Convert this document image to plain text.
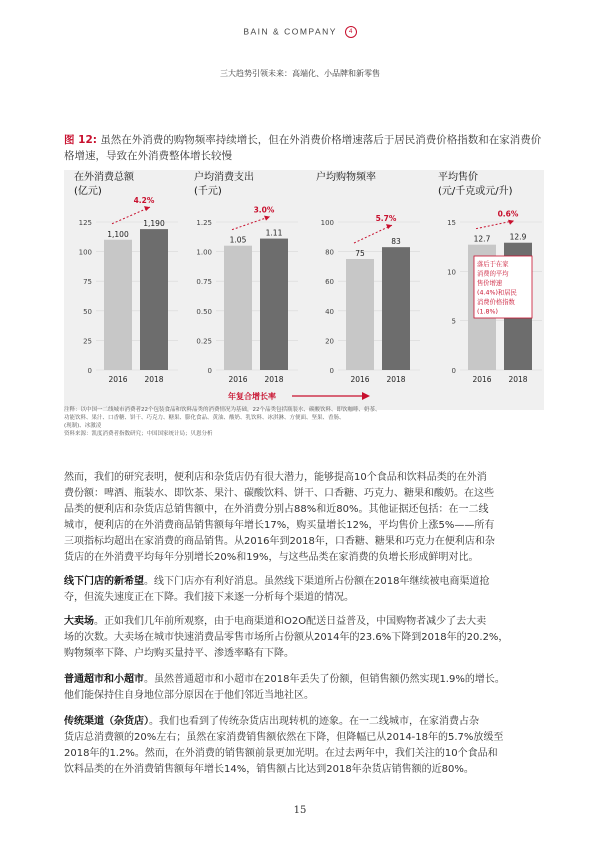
BAIN & COMPANY 4
三大趋势引领未来：高端化、小品牌和新零售
图 12: 虽然在外消费的购物频率持续增长，但在外消费价格增速落后于居民消费价格指数和在家消费价格增速，导致在外消费整体增长较慢
在外消费总额
(亿元)
125
100
75
50
25
0
1,100
2016
1,190
2018
4.2%
户均消费支出
(千元)
1.25
1.00
0.75
0.50
0.25
0
1.05
2016
1.11
2018
3.0%
户均购物频率
100
80
60
40
20
0
75
2016
83
2018
5.7%
平均售价
(元/千克或元/升)
15
10
5
0
12.7
2016
12.9
2018
0.6%
落后于在家
消费的平均
售价增速
(4.4%)和居民
消费价格指数
(1.8%)
年复合增长率
注释：以中国一二线城市消费者22个包装食品和饮料品类的消费情况为基础，22个品类包括瓶装水、碳酸饮料、即饮咖啡、奶茶、
功能饮料、果汁、口香糖、饼干、巧克力、糖果、膨化食品、黄油、酸奶、乳饮料、冰淇淋、方便面、坚果、香肠、
(现制)、冰激凌
资料来源：凯度消费者指数研究；中国国家统计局；贝恩分析
然而，我们的研究表明，便利店和杂货店仍有很大潜力，能够提高10个食品和饮料品类的在外消
费份额：啤酒、瓶装水、即饮茶、果汁、碳酸饮料、饼干、口香糖、巧克力、糖果和酸奶。在这些
品类的便利店和杂货店总销售额中，在外消费分别占88%和近80%。其他证据还包括：在一二线
城市，便利店的在外消费商品销售额每年增长17%，购买量增长12%，平均售价上涨5%——所有
三项指标均超出在家消费的商品销售。从2016年到2018年，口香糖、糖果和巧克力在便利店和杂
货店的在外消费平均每年分别增长20%和19%，与这些品类在家消费的负增长形成鲜明对比。
线下门店的新希望。线下门店亦有利好消息。虽然线下渠道所占份额在2018年继续被电商渠道抢
夺，但流失速度正在下降。我们接下来逐一分析每个渠道的情况。
大卖场。正如我们几年前所观察，由于电商渠道和O2O配送日益普及，中国购物者减少了去大卖
场的次数。大卖场在城市快速消费品零售市场所占份额从2014年的23.6%下降到2018年的20.2%，
购物频率下降、户均购买量持平、渗透率略有下降。
普通超市和小超市。虽然普通超市和小超市在2018年丢失了份额，但销售额仍然实现1.9%的增长。
他们能保持住自身地位部分原因在于他们邻近当地社区。
传统渠道（杂货店）。我们也看到了传统杂货店出现转机的迹象。在一二线城市，在家消费占杂
货店总消费额的20%左右；虽然在家消费销售额依然在下降，但降幅已从2014-18年的5.7%放缓至
2018年的1.2%。然而，在外消费的销售额前景更加光明。在过去两年中，我们关注的10个食品和
饮料品类的在外消费销售额每年增长14%，销售额占比达到2018年杂货店销售额的近80%。
15
